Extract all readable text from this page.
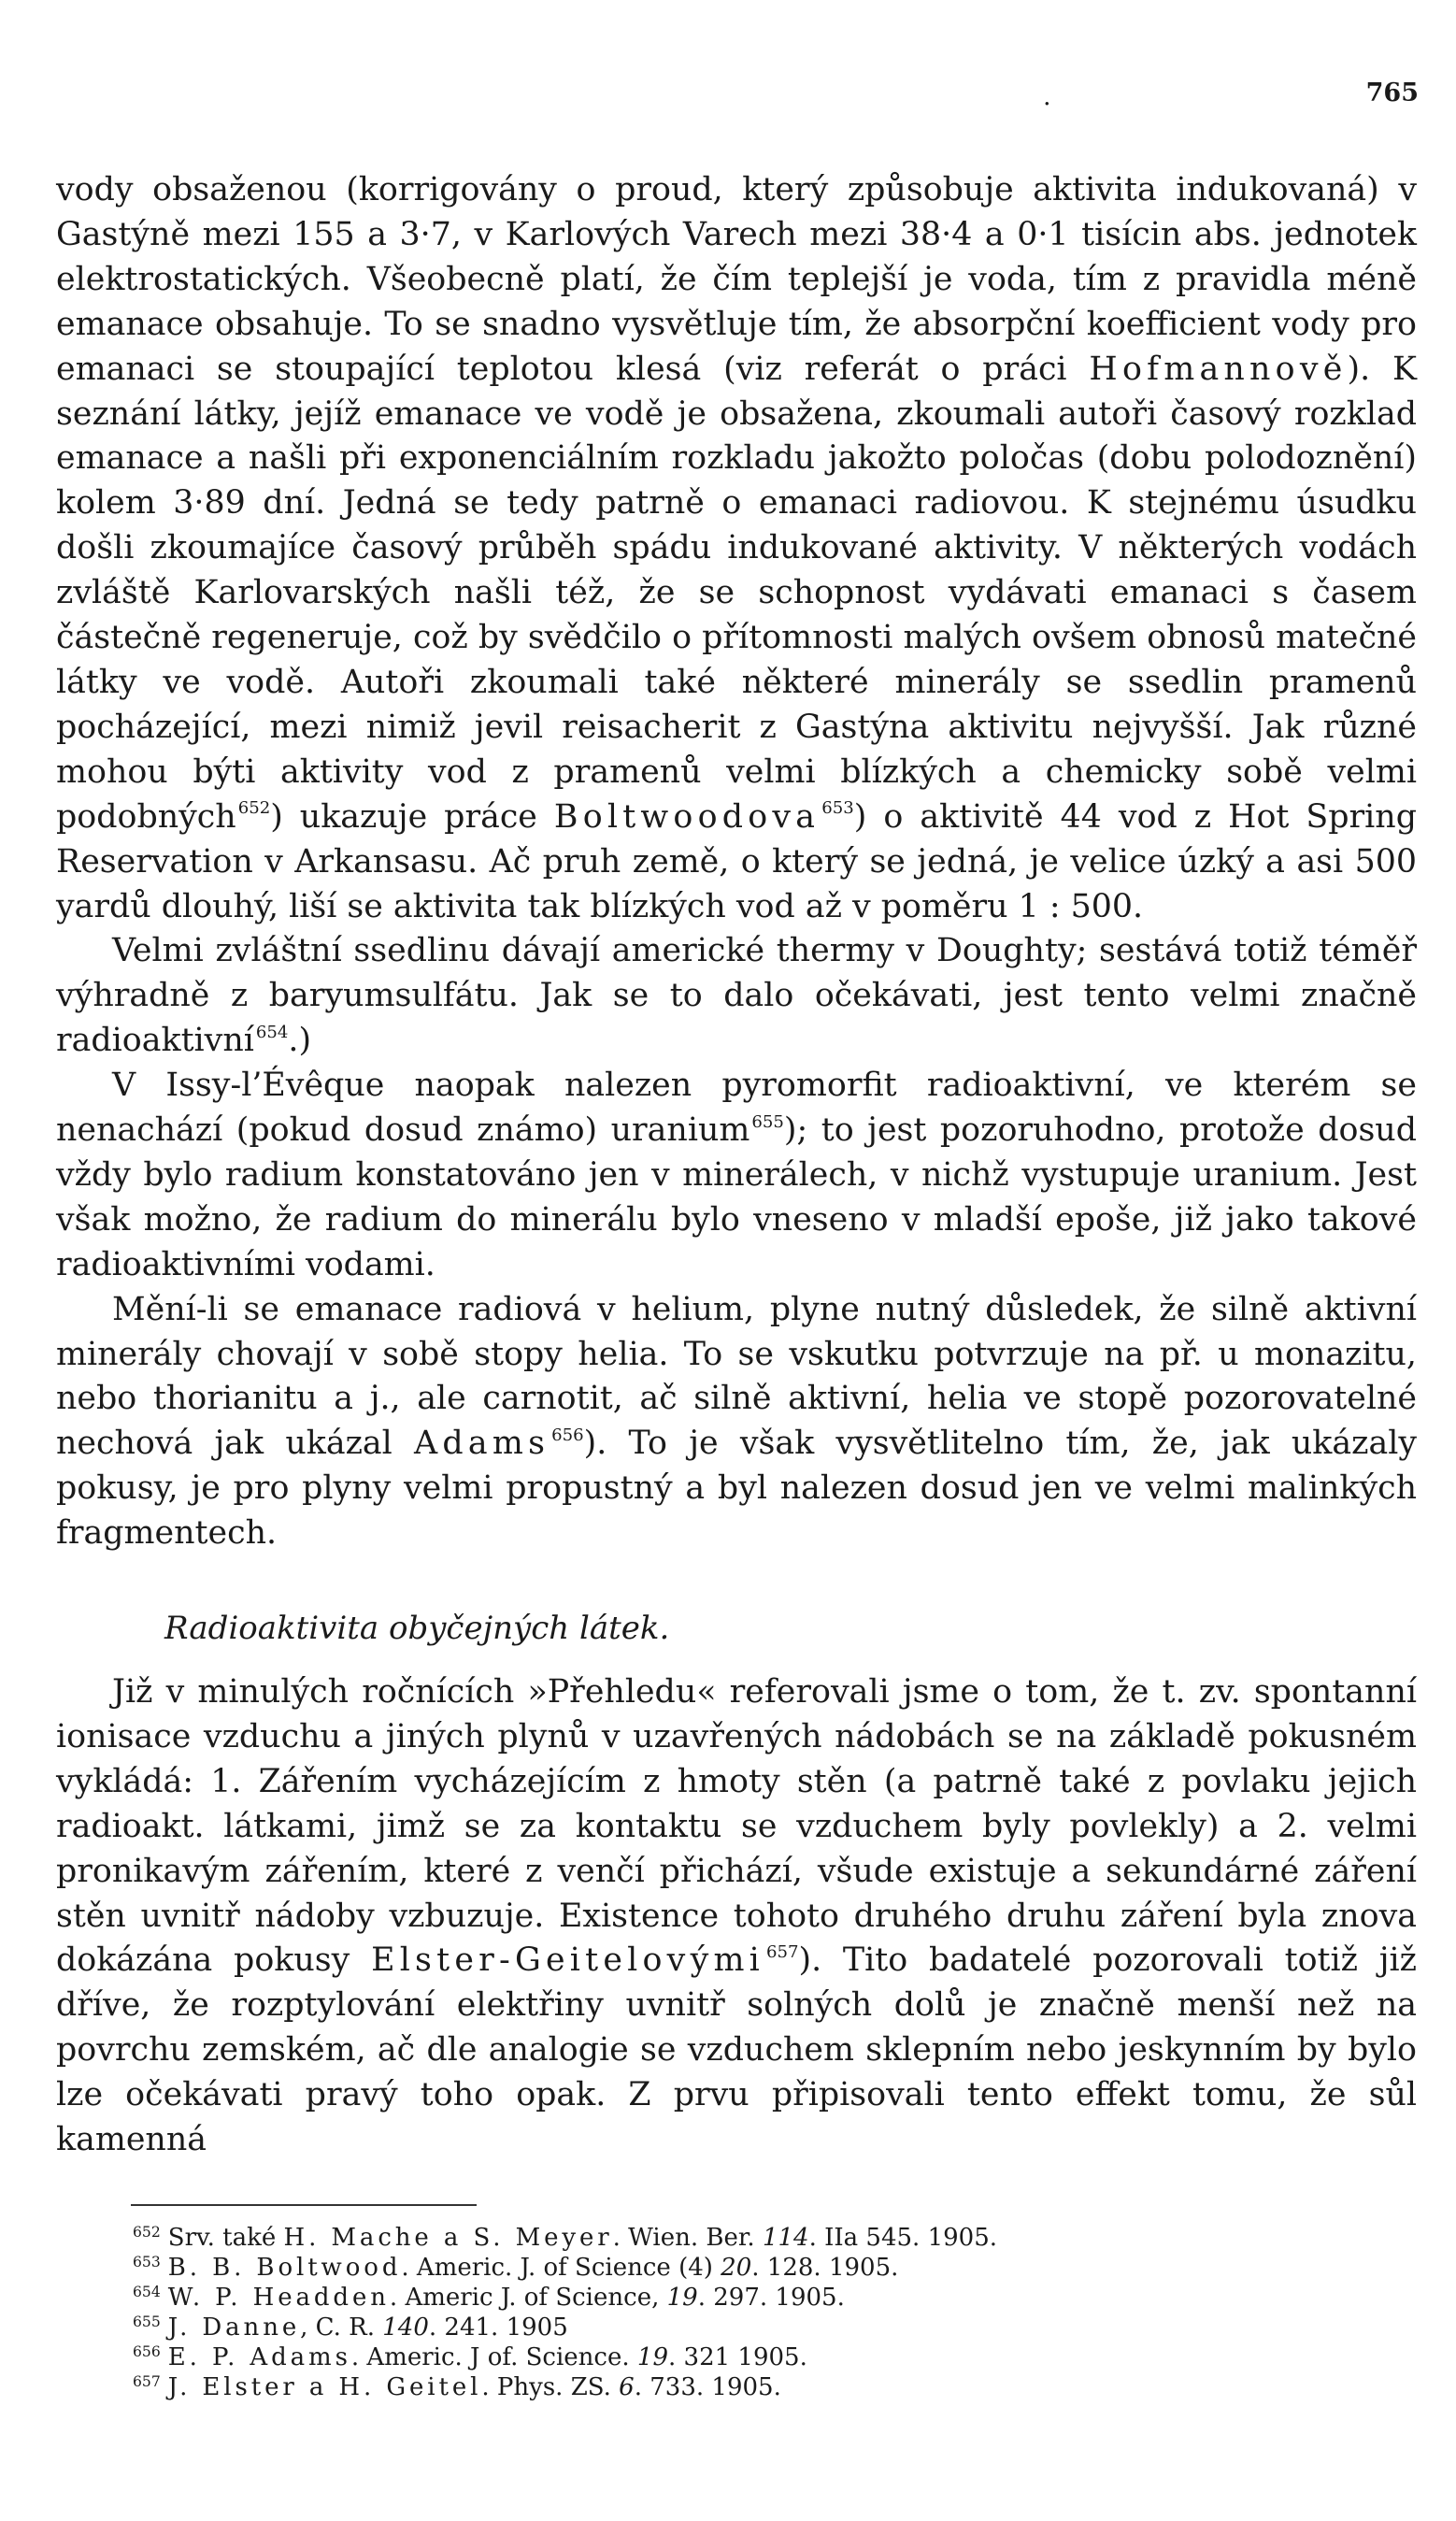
.	765

vody obsaženou (korrigovány o proud, který způsobuje aktivita indukovaná) v Gastýně mezi 155 a 3·7, v Karlových Varech mezi 38·4 a 0·1 tisícin abs. jednotek elektrostatických. Všeobecně platí, že čím teplejší je voda, tím z pravidla méně emanace obsahuje. To se snadno vysvětluje tím, že absorpční koefficient vody pro emanaci se stoupající teplotou klesá (viz referát o práci Hofmannově). K seznání látky, jejíž emanace ve vodě je obsažena, zkoumali autoři časový rozklad emanace a našli při exponenciálním rozkladu jakožto poločas (dobu polodoznění) kolem 3·89 dní. Jedná se tedy patrně o emanaci radiovou. K stejnému úsudku došli zkoumajíce časový průběh spádu indukované aktivity. V některých vodách zvláště Karlovarských našli též, že se schopnost vydávati emanaci s časem částečně regeneruje, což by svědčilo o přítomnosti malých ovšem obnosů matečné látky ve vodě. Autoři zkoumali také některé minerály se ssedlin pramenů pocházející, mezi nimiž jevil reisacherit z Gastýna aktivitu nejvyšší. Jak různé mohou býti aktivity vod z pramenů velmi blízkých a chemicky sobě velmi podobných $^{652}$) ukazuje práce Boltwoodova $^{653}$) o aktivitě 44 vod z Hot Spring Reservation v Arkansasu. Ač pruh země, o který se jedná, je velice úzký a asi 500 yardů dlouhý, liší se aktivita tak blízkých vod až v poměru 1 : 500.

Velmi zvláštní ssedlinu dávají americké thermy v Doughty; sestává totiž téměř výhradně z baryumsulfátu. Jak se to dalo očekávati, jest tento velmi značně radioaktivní $^{654}$.)

V Issy-l’Évêque naopak nalezen pyromorfit radioaktivní, ve kterém se nenachází (pokud dosud známo) uranium $^{655}$); to jest pozoruhodno, protože dosud vždy bylo radium konstatováno jen v minerálech, v nichž vystupuje uranium. Jest však možno, že radium do minerálu bylo vneseno v mladší epoše, již jako takové radioaktivními vodami.

Mění-li se emanace radiová v helium, plyne nutný důsledek, že silně aktivní minerály chovají v sobě stopy helia. To se vskutku potvrzuje na př. u monazitu, nebo thorianitu a j., ale carnotit, ač silně aktivní, helia ve stopě pozorovatelné nechová jak ukázal Adams $^{656}$). To je však vysvětlitelno tím, že, jak ukázaly pokusy, je pro plyny velmi propustný a byl nalezen dosud jen ve velmi malinkých fragmentech.

Radioaktivita obyčejných látek.

Již v minulých ročnících »Přehledu« referovali jsme o tom, že t. zv. spontanní ionisace vzduchu a jiných plynů v uzavřených nádobách se na základě pokusném vykládá: 1. Zářením vycházejícím z hmoty stěn (a patrně také z povlaku jejich radioakt. látkami, jimž se za kontaktu se vzduchem byly povlekly) a 2. velmi pronikavým zářením, které z venčí přichází, všude existuje a sekundárné záření stěn uvnitř nádoby vzbuzuje. Existence tohoto druhého druhu záření byla znova dokázána pokusy Elster-Geitelovými $^{657}$). Tito badatelé pozorovali totiž již dříve, že rozptylování elektřiny uvnitř solných dolů je značně menší než na povrchu zemském, ač dle analogie se vzduchem sklepním nebo jeskynním by bylo lze očekávati pravý toho opak. Z prvu připisovali tento effekt tomu, že sůl kamenná

$^{652}$ Srv. také H. Mache a S. Meyer. Wien. Ber. 114. IIa 545. 1905.
$^{653}$ B. B. Boltwood. Americ. J. of Science (4) 20. 128. 1905.
$^{654}$ W. P. Headden. Americ J. of Science, 19. 297. 1905.
$^{655}$ J. Danne, C. R. 140. 241. 1905
$^{656}$ E. P. Adams. Americ. J of. Science. 19. 321 1905.
$^{657}$ J. Elster a H. Geitel. Phys. ZS. 6. 733. 1905.
